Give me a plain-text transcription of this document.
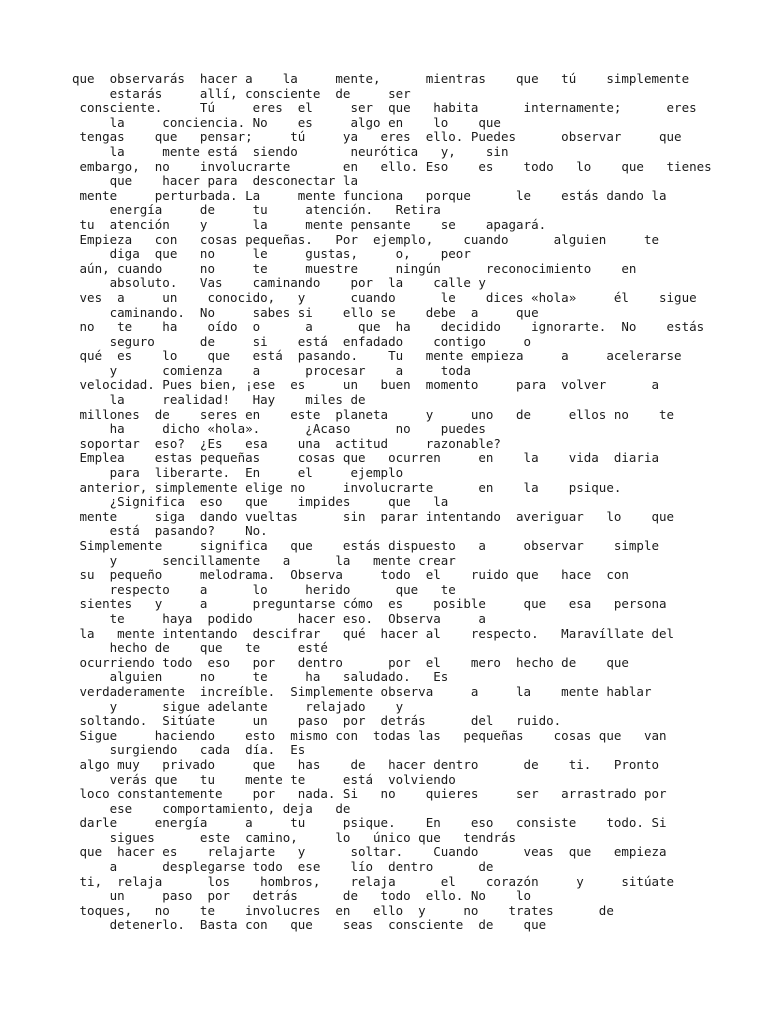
que  observarás  hacer a    la     mente,      mientras    que   tú    simplemente
estarás     allí, consciente  de     ser
consciente.     Tú     eres  el     ser  que   habita      internamente;      eres
la     conciencia. No    es     algo en    lo    que
tengas    que   pensar;     tú     ya   eres  ello. Puedes      observar     que
la     mente está  siendo       neurótica   y,    sin
embargo,  no    involucrarte       en   ello. Eso    es    todo   lo    que   tienes
que    hacer para  desconectar la
mente     perturbada. La     mente funciona   porque      le    estás dando la
energía     de     tu     atención.   Retira
tu  atención    y      la     mente pensante    se    apagará.
Empieza   con   cosas pequeñas.   Por  ejemplo,    cuando      alguien     te
diga  que   no     le     gustas,     o,    peor
aún, cuando     no     te     muestre     ningún      reconocimiento    en
absoluto.   Vas    caminando    por  la    calle y
ves  a     un    conocido,   y      cuando      le    dices «hola»     él    sigue
caminando.  No     sabes si    ello se    debe  a     que
no   te    ha    oído  o      a      que  ha    decidido    ignorarte.  No    estás
seguro      de     si    está  enfadado    contigo     o
qué  es    lo    que   está  pasando.    Tu   mente empieza     a     acelerarse
y      comienza    a      procesar    a     toda
velocidad. Pues bien, ¡ese  es     un   buen  momento     para  volver      a
la     realidad!   Hay    miles de
millones  de    seres en    este  planeta     y     uno   de     ellos no    te
ha     dicho «hola».      ¿Acaso      no    puedes
soportar  eso?  ¿Es   esa    una  actitud     razonable?
Emplea    estas pequeñas     cosas que   ocurren     en    la    vida  diaria
para  liberarte.  En     el     ejemplo
anterior, simplemente elige no     involucrarte      en    la    psique.
¿Significa  eso   que    impides     que   la
mente     siga  dando vueltas      sin  parar intentando  averiguar   lo    que
está  pasando?    No.
Simplemente     significa   que    estás dispuesto   a     observar    simple
y      sencillamente   a      la   mente crear
su  pequeño     melodrama.  Observa     todo  el    ruido que   hace  con
respecto    a      lo     herido      que   te
sientes   y     a      preguntarse cómo  es    posible     que   esa   persona
te     haya  podido      hacer eso.  Observa     a
la   mente intentando  descifrar   qué  hacer al    respecto.   Maravíllate del
hecho de    que   te     esté
ocurriendo todo  eso   por   dentro      por  el    mero  hecho de    que
alguien     no     te     ha   saludado.   Es
verdaderamente  increíble.  Simplemente observa     a     la    mente hablar
y      sigue adelante     relajado    y
soltando.  Sitúate     un    paso  por  detrás      del   ruido.
Sigue     haciendo    esto  mismo con  todas las   pequeñas    cosas que   van
surgiendo   cada  día.  Es
algo muy   privado     que   has    de   hacer dentro      de    ti.   Pronto
verás que   tu    mente te     está  volviendo
loco constantemente    por   nada. Si   no    quieres     ser   arrastrado por
ese    comportamiento, deja   de
darle     energía     a     tu     psique.    En    eso   consiste    todo. Si
sigues      este  camino,     lo   único que   tendrás
que  hacer es    relajarte   y      soltar.    Cuando      veas  que   empieza
a      desplegarse todo  ese    lío  dentro      de
ti,  relaja      los    hombros,    relaja      el    corazón     y     sitúate
un     paso  por   detrás      de   todo  ello. No    lo
toques,   no    te    involucres  en   ello  y     no    trates      de
detenerlo.  Basta con   que    seas  consciente  de    que
